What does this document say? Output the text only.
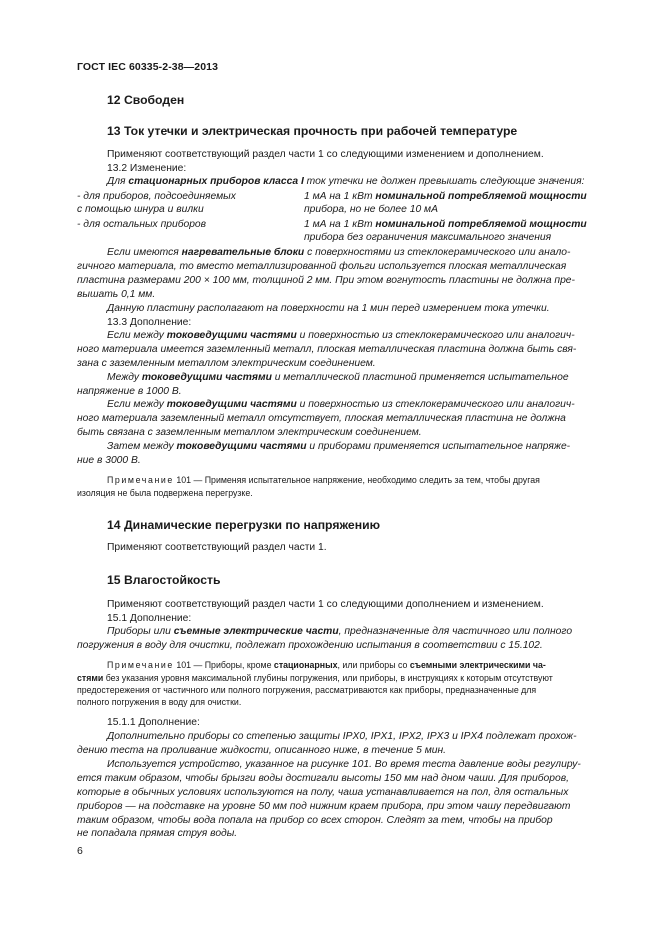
ГОСТ IEC 60335-2-38—2013
12 Свободен
13 Ток утечки и электрическая прочность при рабочей температуре
Применяют соответствующий раздел части 1 со следующими изменением и дополнением.
13.2 Изменение:
Для стационарных приборов класса I ток утечки не должен превышать следующие значения:
- для приборов, подсоединяемых
с помощью шнура и вилки
1 мА на 1 кВт номинальной потребляемой мощности
прибора, но не более 10 мА
- для остальных приборов	1 мА на 1 кВт номинальной потребляемой мощности
прибора без ограничения максимального значения
Если имеются нагревательные блоки с поверхностями из стеклокерамического или анало-
гичного материала, то вместо металлизированной фольги используется плоская металлическая
пластина размерами 200 × 100 мм, толщиной 2 мм. При этом вогнутость пластины не должна пре-
вышать 0,1 мм.
Данную пластину располагают на поверхности на 1 мин перед измерением тока утечки.
13.3 Дополнение:
Если между токоведущими частями и поверхностью из стеклокерамического или аналогич-
ного материала имеется заземленный металл, плоская металлическая пластина должна быть свя-
зана с заземленным металлом электрическим соединением.
Между токоведущими частями и металлической пластиной применяется испытательное
напряжение в 1000 В.
Если между токоведущими частями и поверхностью из стеклокерамического или аналогич-
ного материала заземленный металл отсутствует, плоская металлическая пластина не должна
быть связана с заземленным металлом электрическим соединением.
Затем между токоведущими частями и приборами применяется испытательное напряже-
ние в 3000 В.
Примечание 101 — Применяя испытательное напряжение, необходимо следить за тем, чтобы другая
изоляция не была подвержена перегрузке.
14 Динамические перегрузки по напряжению
Применяют соответствующий раздел части 1.
15 Влагостойкость
Применяют соответствующий раздел части 1 со следующими дополнением и изменением.
15.1 Дополнение:
Приборы или съемные электрические части, предназначенные для частичного или полного
погружения в воду для очистки, подлежат прохождению испытания в соответствии с 15.102.
Примечание 101 — Приборы, кроме стационарных, или приборы со съемными электрическими ча-
стями без указания уровня максимальной глубины погружения, или приборы, в инструкциях к которым отсутствуют
предостережения от частичного или полного погружения, рассматриваются как приборы, предназначенные для
полного погружения в воду для очистки.
15.1.1 Дополнение:
Дополнительно приборы со степенью защиты IPX0, IPX1, IPX2, IPX3 и IPX4 подлежат прохож-
дению теста на проливание жидкости, описанного ниже, в течение 5 мин.
Используется устройство, указанное на рисунке 101. Во время теста давление воды регулиру-
ется таким образом, чтобы брызги воды достигали высоты 150 мм над дном чаши. Для приборов,
которые в обычных условиях используются на полу, чаша устанавливается на пол, для остальных
приборов — на подставке на уровне 50 мм под нижним краем прибора, при этом чашу передвигают
таким образом, чтобы вода попала на прибор со всех сторон. Следят за тем, чтобы на прибор
не попадала прямая струя воды.
6
